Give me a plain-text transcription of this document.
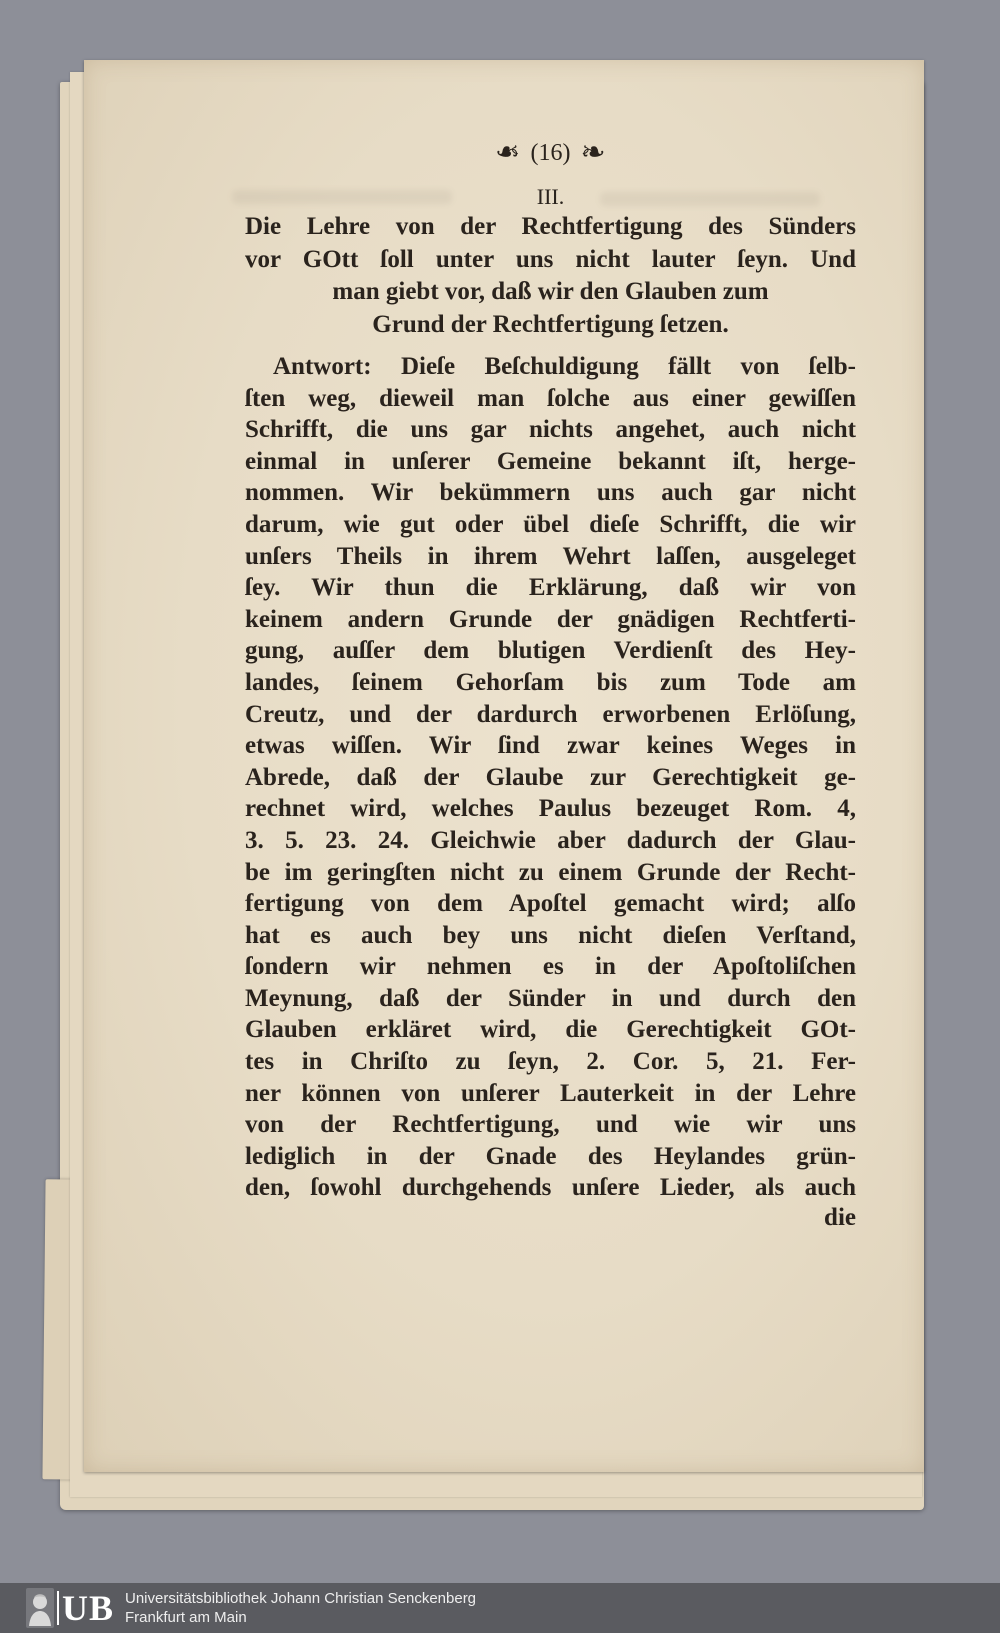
❧(16)❧
III.
Die Lehre von der Rechtfertigung des Sünders
vor GOtt ſoll unter uns nicht lauter ſeyn. Und
man giebt vor, daß wir den Glauben zum
Grund der Rechtfertigung ſetzen.
Antwort: Dieſe Beſchuldigung fällt von ſelb-
ſten weg, dieweil man ſolche aus einer gewiſſen
Schrifft, die uns gar nichts angehet, auch nicht
einmal in unſerer Gemeine bekannt iſt, herge-
nommen. Wir bekümmern uns auch gar nicht
darum, wie gut oder übel dieſe Schrifft, die wir
unſers Theils in ihrem Wehrt laſſen, ausgeleget
ſey. Wir thun die Erklärung, daß wir von
keinem andern Grunde der gnädigen Rechtferti-
gung, auſſer dem blutigen Verdienſt des Hey-
landes, ſeinem Gehorſam bis zum Tode am
Creutz, und der dardurch erworbenen Erlöſung,
etwas wiſſen. Wir ſind zwar keines Weges in
Abrede, daß der Glaube zur Gerechtigkeit ge-
rechnet wird, welches Paulus bezeuget Rom. 4,
3. 5. 23. 24. Gleichwie aber dadurch der Glau-
be im geringſten nicht zu einem Grunde der Recht-
fertigung von dem Apoſtel gemacht wird; alſo
hat es auch bey uns nicht dieſen Verſtand,
ſondern wir nehmen es in der Apoſtoliſchen
Meynung, daß der Sünder in und durch den
Glauben erkläret wird, die Gerechtigkeit GOt-
tes in Chriſto zu ſeyn, 2. Cor. 5, 21. Fer-
ner können von unſerer Lauterkeit in der Lehre
von der Rechtfertigung, und wie wir uns
lediglich in der Gnade des Heylandes grün-
den, ſowohl durchgehends unſere Lieder, als auch
die
UB Universitätsbibliothek Johann Christian Senckenberg
Frankfurt am Main
